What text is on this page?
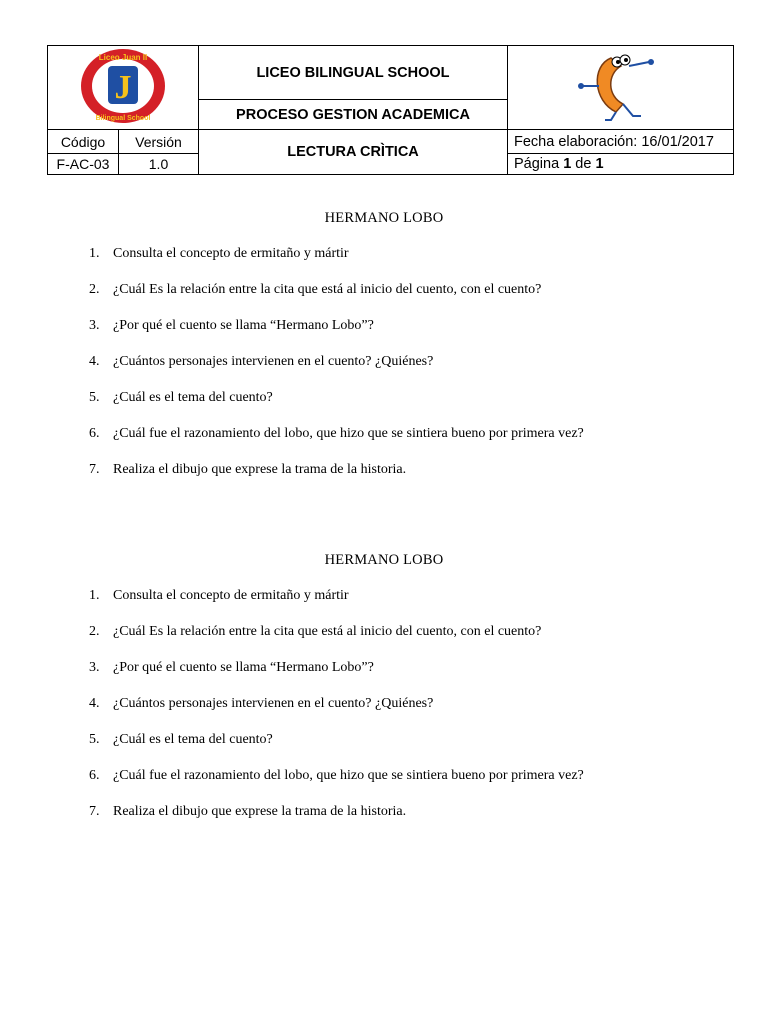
J
Liceo Juan II
Bilingual School		LICEO BILINGUAL SCHOOL	
		PROCESO GESTION ACADEMICA	
Código	Versión	LECTURA CRÌTICA	Fecha elaboración: 16/01/2017
F-AC-03	1.0		Página 1 de 1

HERMANO LOBO

1. Consulta el concepto de ermitaño y mártir
2. ¿Cuál Es la relación entre la cita que está al inicio del cuento, con el cuento?
3. ¿Por qué el cuento se llama “Hermano Lobo”?
4. ¿Cuántos personajes intervienen en el cuento? ¿Quiénes?
5. ¿Cuál es el tema del cuento?
6. ¿Cuál fue el razonamiento del lobo, que hizo que se sintiera bueno por primera vez?
7. Realiza el dibujo que exprese la trama de la historia.

HERMANO LOBO

1. Consulta el concepto de ermitaño y mártir
2. ¿Cuál Es la relación entre la cita que está al inicio del cuento, con el cuento?
3. ¿Por qué el cuento se llama “Hermano Lobo”?
4. ¿Cuántos personajes intervienen en el cuento? ¿Quiénes?
5. ¿Cuál es el tema del cuento?
6. ¿Cuál fue el razonamiento del lobo, que hizo que se sintiera bueno por primera vez?
7. Realiza el dibujo que exprese la trama de la historia.
